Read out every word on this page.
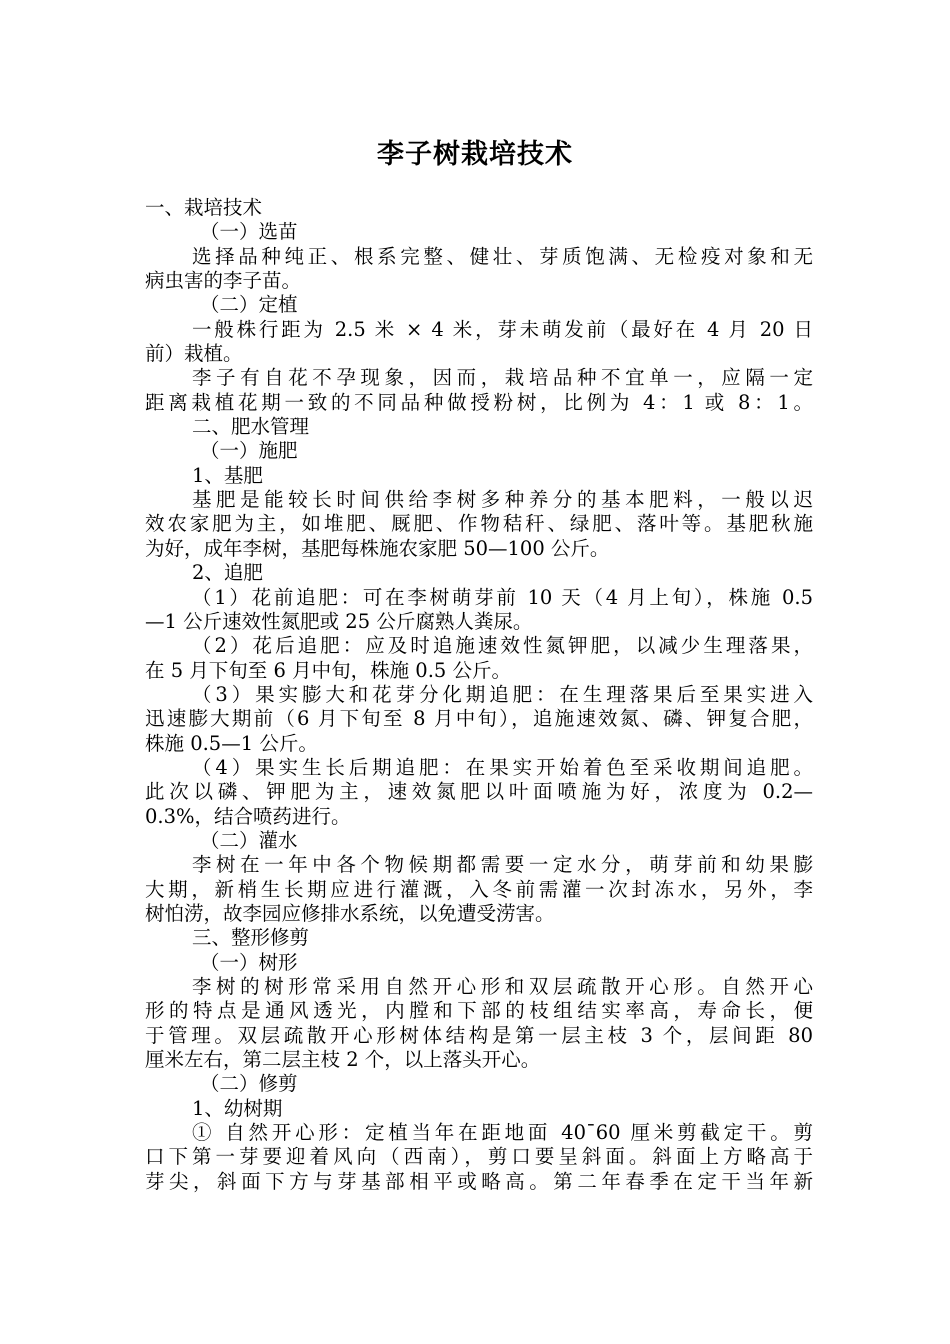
李子树栽培技术
一、栽培技术
（一）选苗
选择品种纯正、根系完整、健壮、芽质饱满、无检疫对象和无
病虫害的李子苗。
（二）定植
一般株行距为 2.5 米 × 4 米，芽未萌发前（最好在 4 月 20 日
前）栽植。
李子有自花不孕现象，因而，栽培品种不宜单一，应隔一定
距离栽植花期一致的不同品种做授粉树，比例为 4：1 或 8：1。
二、肥水管理
（一）施肥
1、基肥
基肥是能较长时间供给李树多种养分的基本肥料，一般以迟
效农家肥为主，如堆肥、厩肥、作物秸秆、绿肥、落叶等。基肥秋施
为好，成年李树，基肥每株施农家肥 50—100 公斤。
2、追肥
（1）花前追肥：可在李树萌芽前 10 天（4 月上旬），株施 0.5
—1 公斤速效性氮肥或 25 公斤腐熟人粪尿。
（2）花后追肥：应及时追施速效性氮钾肥，以减少生理落果，
在 5 月下旬至 6 月中旬，株施 0.5 公斤。
（3）果实膨大和花芽分化期追肥：在生理落果后至果实进入
迅速膨大期前（6 月下旬至 8 月中旬），追施速效氮、磷、钾复合肥，
株施 0.5—1 公斤。
（4）果实生长后期追肥：在果实开始着色至采收期间追肥。
此次以磷、钾肥为主，速效氮肥以叶面喷施为好，浓度为 0.2—
0.3%，结合喷药进行。
（二）灌水
李树在一年中各个物候期都需要一定水分，萌芽前和幼果膨
大期，新梢生长期应进行灌溉，入冬前需灌一次封冻水，另外，李
树怕涝，故李园应修排水系统，以免遭受涝害。
三、整形修剪
（一）树形
李树的树形常采用自然开心形和双层疏散开心形。自然开心
形的特点是通风透光，内膛和下部的枝组结实率高，寿命长，便
于管理。双层疏散开心形树体结构是第一层主枝 3 个，层间距 80
厘米左右，第二层主枝 2 个，以上落头开心。
（二）修剪
1、幼树期
① 自然开心形：定植当年在距地面 40¯60 厘米剪截定干。剪
口下第一芽要迎着风向（西南），剪口要呈斜面。斜面上方略高于
芽尖，斜面下方与芽基部相平或略高。第二年春季在定干当年新
